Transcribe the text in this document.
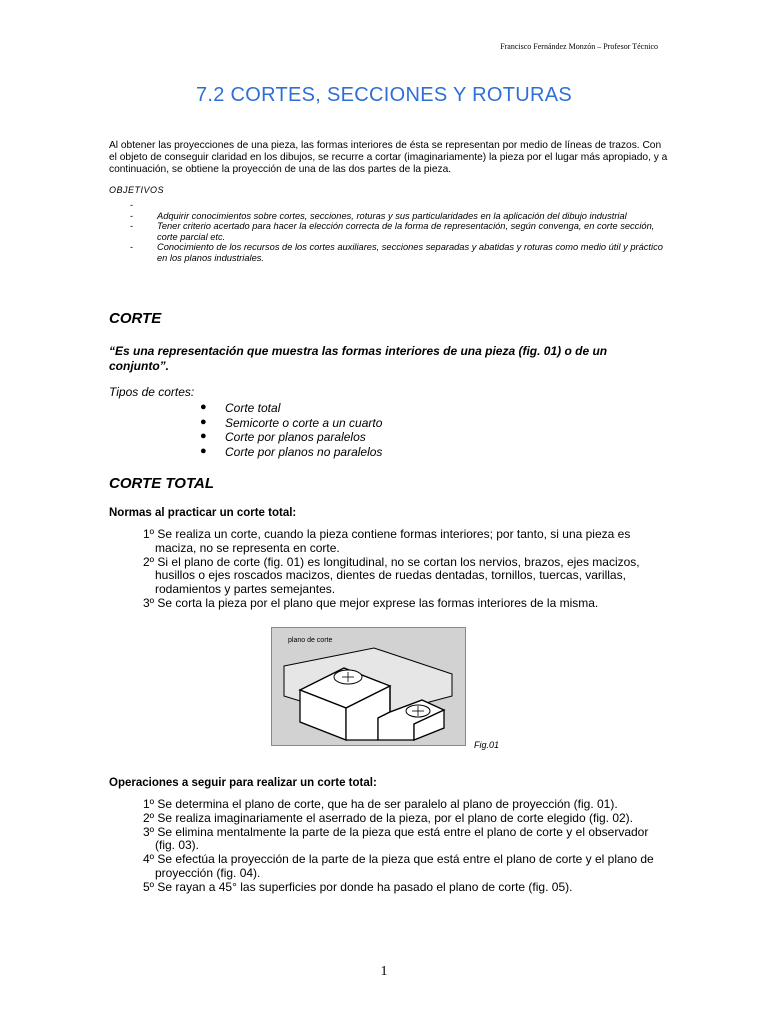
Francisco Fernández Monzón – Profesor Técnico
7.2 CORTES, SECCIONES Y ROTURAS

Al obtener las proyecciones de una pieza, las formas interiores de ésta se representan por medio de líneas de trazos. Con el objeto de conseguir claridad en los dibujos, se recurre a cortar (imaginariamente) la pieza por el lugar más apropiado, y a continuación, se obtiene la proyección de una de las dos partes de la pieza.

OBJETIVOS
-

-	Adquirir conocimientos sobre cortes, secciones, roturas y sus particularidades en la aplicación del dibujo industrial
-	Tener criterio acertado para hacer la elección correcta de la forma de representación, según convenga, en corte sección, corte parcial etc.
-	Conocimiento de los recursos de los cortes auxiliares, secciones separadas y abatidas y roturas como medio útil y práctico en los planos industriales.
CORTE
“Es una representación que muestra las formas interiores de una pieza (fig. 01) o de un conjunto”.
Tipos de cortes:
● Corte total
● Semicorte o corte a un cuarto
● Corte por planos paralelos
● Corte por planos no paralelos
CORTE TOTAL
Normas al practicar un corte total:
1º Se realiza un corte, cuando la pieza contiene formas interiores; por tanto, si una pieza es maciza, no se representa en corte.
2º Si el plano de corte (fig. 01) es longitudinal, no se cortan los nervios, brazos, ejes macizos, husillos o ejes roscados macizos, dientes de ruedas dentadas, tornillos, tuercas, varillas, rodamientos y partes semejantes.
3º Se corta la pieza por el plano que mejor exprese las formas interiores de la misma.
plano de corte
Fig.01
Operaciones a seguir para realizar un corte total:
1º Se determina el plano de corte, que ha de ser paralelo al plano de proyección (fig. 01).
2º Se realiza imaginariamente el aserrado de la pieza, por el plano de corte elegido (fig. 02).
3º Se elimina mentalmente la parte de la pieza que está entre el plano de corte y el observador (fig. 03).
4º Se efectúa la proyección de la parte de la pieza que está entre el plano de corte y el plano de proyección (fig. 04).
5º Se rayan a 45° las superficies por donde ha pasado el plano de corte (fig. 05).
1
